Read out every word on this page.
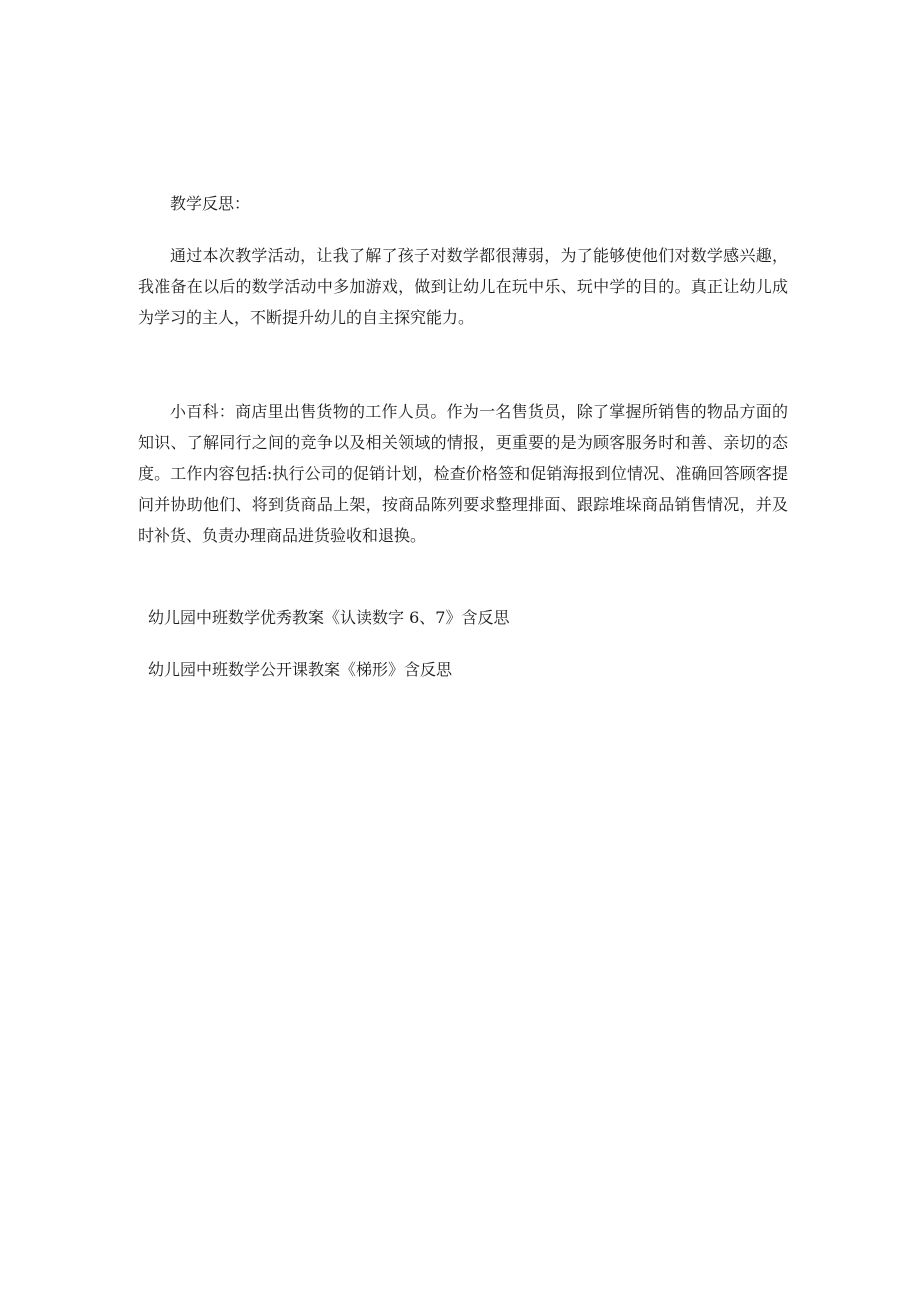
教学反思：

通过本次教学活动，让我了解了孩子对数学都很薄弱，为了能够使他们对数学感兴趣，我准备在以后的数学活动中多加游戏，做到让幼儿在玩中乐、玩中学的目的。真正让幼儿成为学习的主人，不断提升幼儿的自主探究能力。

小百科：商店里出售货物的工作人员。作为一名售货员，除了掌握所销售的物品方面的知识、了解同行之间的竞争以及相关领域的情报，更重要的是为顾客服务时和善、亲切的态度。工作内容包括:执行公司的促销计划，检查价格签和促销海报到位情况、准确回答顾客提问并协助他们、将到货商品上架，按商品陈列要求整理排面、跟踪堆垛商品销售情况，并及时补货、负责办理商品进货验收和退换。

幼儿园中班数学优秀教案《认读数字 6、7》含反思

幼儿园中班数学公开课教案《梯形》含反思
